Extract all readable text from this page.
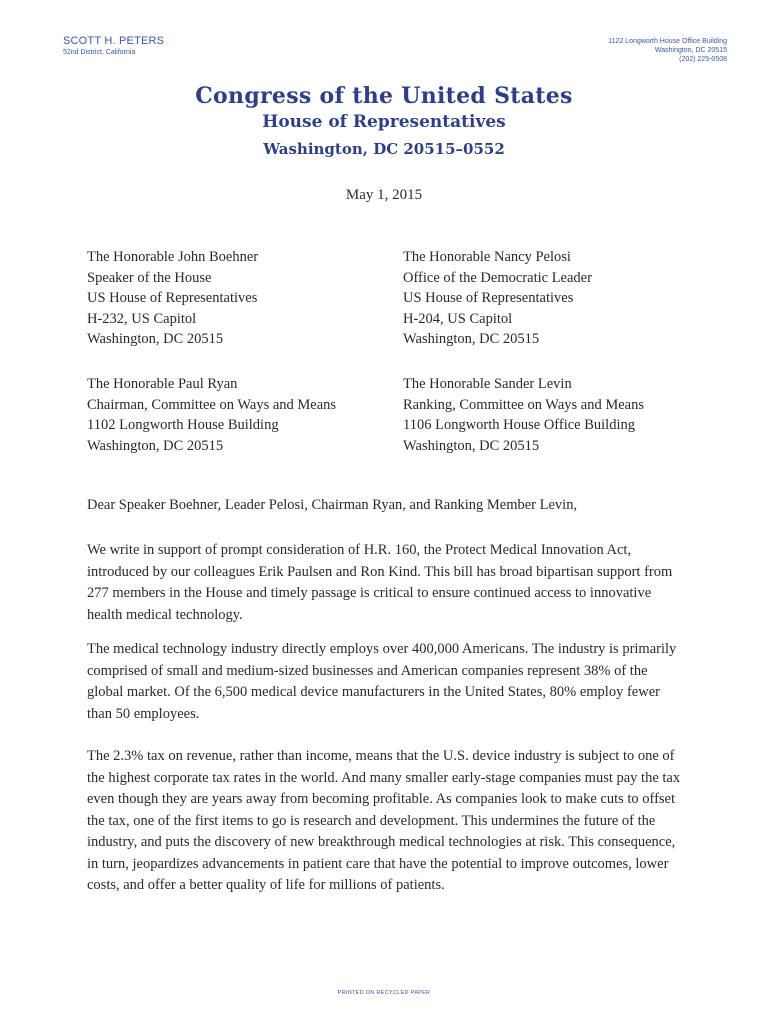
SCOTT H. PETERS
52nd District, California
1122 Longworth House Office Building
Washington, DC 20515
(202) 225-0508
Congress of the United States
House of Representatives
Washington, DC 20515–0552
May 1, 2015
The Honorable John Boehner
Speaker of the House
US House of Representatives
H-232, US Capitol
Washington, DC 20515
The Honorable Nancy Pelosi
Office of the Democratic Leader
US House of Representatives
H-204, US Capitol
Washington, DC 20515
The Honorable Paul Ryan
Chairman, Committee on Ways and Means
1102 Longworth House Building
Washington, DC 20515
The Honorable Sander Levin
Ranking, Committee on Ways and Means
1106 Longworth House Office Building
Washington, DC 20515
Dear Speaker Boehner, Leader Pelosi, Chairman Ryan, and Ranking Member Levin,

We write in support of prompt consideration of H.R. 160, the Protect Medical Innovation Act, introduced by our colleagues Erik Paulsen and Ron Kind. This bill has broad bipartisan support from 277 members in the House and timely passage is critical to ensure continued access to innovative health medical technology.

The medical technology industry directly employs over 400,000 Americans. The industry is primarily comprised of small and medium-sized businesses and American companies represent 38% of the global market. Of the 6,500 medical device manufacturers in the United States, 80% employ fewer than 50 employees.

The 2.3% tax on revenue, rather than income, means that the U.S. device industry is subject to one of the highest corporate tax rates in the world. And many smaller early-stage companies must pay the tax even though they are years away from becoming profitable. As companies look to make cuts to offset the tax, one of the first items to go is research and development. This undermines the future of the industry, and puts the discovery of new breakthrough medical technologies at risk. This consequence, in turn, jeopardizes advancements in patient care that have the potential to improve outcomes, lower costs, and offer a better quality of life for millions of patients.

PRINTED ON RECYCLED PAPER
